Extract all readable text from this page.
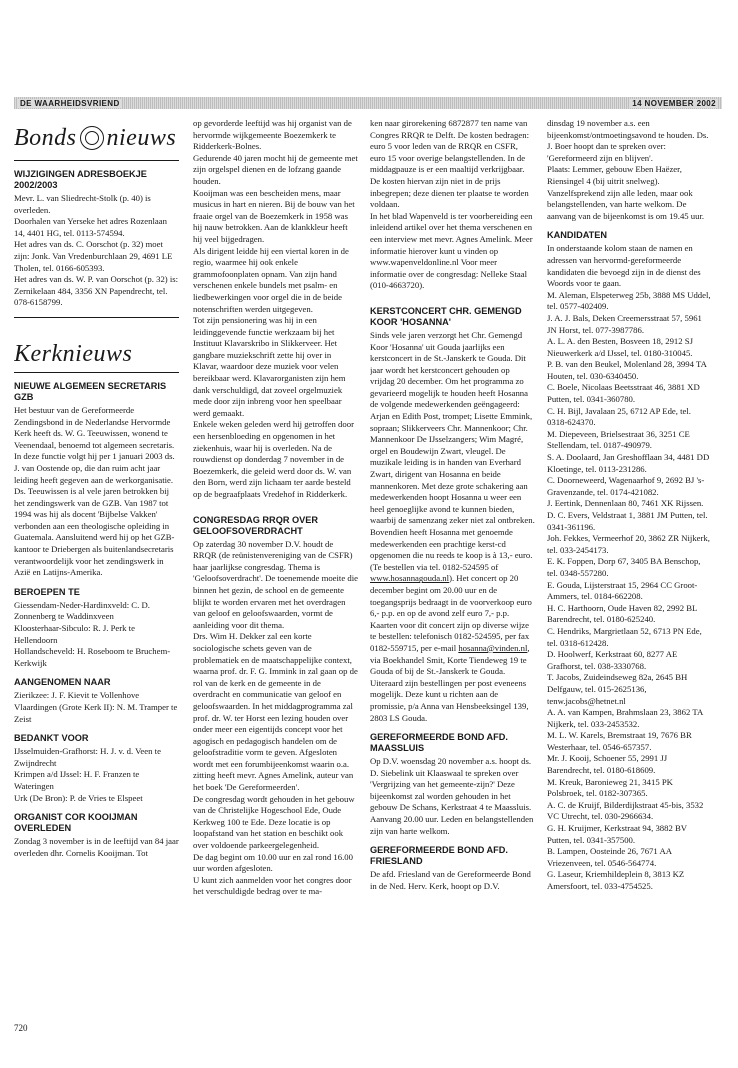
DE WAARHEIDSVRIEND	14 NOVEMBER 2002
Bonds nieuws
WIJZIGINGEN ADRESBOEKJE 2002/2003

Mevr. L. van Sliedrecht-Stolk (p. 40) is overleden.

Doorhalen van Yerseke het adres Rozenlaan 14, 4401 HG, tel. 0113-574594.

Het adres van ds. C. Oorschot (p. 32) moet zijn: Jonk. Van Vredenburchlaan 29, 4691 LE Tholen, tel. 0166-605393.

Het adres van ds. W. P. van Oorschot (p. 32) is: Zernikelaan 484, 3356 XN Papendrecht, tel. 078-6158799.

Kerknieuws
NIEUWE ALGEMEEN SECRETARIS GZB

Het bestuur van de Gereformeerde Zendingsbond in de Nederlandse Hervormde Kerk heeft ds. W. G. Teeuwissen, wonend te Veenendaal, benoemd tot algemeen secretaris. In deze functie volgt hij per 1 januari 2003 ds. J. van Oostende op, die dan ruim acht jaar leiding heeft gegeven aan de werkorganisatie. Ds. Teeuwissen is al vele jaren betrokken bij het zendingswerk van de GZB. Van 1987 tot 1994 was hij als docent 'Bijbelse Vakken' verbonden aan een theologische opleiding in Guatemala. Aansluitend werd hij op het GZB-kantoor te Driebergen als buitenlandsecretaris verantwoordelijk voor het zendingswerk in Azië en Latijns-Amerika.

BEROEPEN TE

Giessendam-Neder-Hardinxveld: C. D. Zonnenberg te Waddinxveen

Kloosterhaar-Sibculo: R. J. Perk te Hellendoorn

Hollandscheveld: H. Roseboom te Bruchem-Kerkwijk

AANGENOMEN NAAR

Zierikzee: J. F. Kievit te Vollenhove

Vlaardingen (Grote Kerk II): N. M. Tramper te Zeist

BEDANKT VOOR

IJsselmuiden-Grafhorst: H. J. v. d. Veen te Zwijndrecht

Krimpen a/d IJssel: H. F. Franzen te Wateringen

Urk (De Bron): P. de Vries te Elspeet

ORGANIST COR KOOIJMAN OVERLEDEN

Zondag 3 november is in de leeftijd van 84 jaar overleden dhr. Cornelis Kooijman. Tot

op gevorderde leeftijd was hij organist van de hervormde wijkgemeente Boezemkerk te Ridderkerk-Bolnes.

Gedurende 40 jaren mocht hij de gemeente met zijn orgelspel dienen en de lofzang gaande houden.

Kooijman was een bescheiden mens, maar musicus in hart en nieren. Bij de bouw van het fraaie orgel van de Boezemkerk in 1958 was hij nauw betrokken. Aan de klankkleur heeft hij veel bijgedragen.

Als dirigent leidde hij een viertal koren in de regio, waarmee hij ook enkele grammofoonplaten opnam. Van zijn hand verschenen enkele bundels met psalm- en liedbewerkingen voor orgel die in de beide notenschriften werden uitgegeven.

Tot zijn pensionering was hij in een leidinggevende functie werkzaam bij het Instituut Klavarskribo in Slikkerveer. Het gangbare muziekschrift zette hij over in Klavar, waardoor deze muziek voor velen bereikbaar werd. Klavarorganisten zijn hem dank verschuldigd, dat zoveel orgelmuziek mede door zijn inbreng voor hen speelbaar werd gemaakt.

Enkele weken geleden werd hij getroffen door een hersenbloeding en opgenomen in het ziekenhuis, waar hij is overleden. Na de rouwdienst op donderdag 7 november in de Boezemkerk, die geleid werd door ds. W. van den Born, werd zijn lichaam ter aarde besteld op de begraafplaats Vredehof in Ridderkerk.

CONGRESDAG RRQR OVER GELOOFSOVERDRACHT

Op zaterdag 30 november D.V. houdt de RRQR (de reünistenvereniging van de CSFR) haar jaarlijkse congresdag. Thema is 'Geloofsoverdracht'. De toenemende moeite die binnen het gezin, de school en de gemeente blijkt te worden ervaren met het overdragen van geloof en geloofswaarden, vormt de aanleiding voor dit thema.

Drs. Wim H. Dekker zal een korte sociologische schets geven van de problematiek en de maatschappelijke context, waarna prof. dr. F. G. Immink in zal gaan op de rol van de kerk en de gemeente in de overdracht en communicatie van geloof en geloofswaarden. In het middagprogramma zal prof. dr. W. ter Horst een lezing houden over onder meer een eigentijds concept voor het agogisch en pedagogisch handelen om de geloofstraditie vorm te geven. Afgesloten wordt met een forumbijeenkomst waarin o.a. zitting heeft mevr. Agnes Amelink, auteur van het boek 'De Gereformeerden'.

De congresdag wordt gehouden in het gebouw van de Christelijke Hogeschool Ede, Oude Kerkweg 100 te Ede. Deze locatie is op loopafstand van het station en beschikt ook over voldoende parkeergelegenheid.

De dag begint om 10.00 uur en zal rond 16.00 uur worden afgesloten.

U kunt zich aanmelden voor het congres door het verschuldigde bedrag over te ma-

ken naar girorekening 6872877 ten name van Congres RRQR te Delft. De kosten bedragen: euro 5 voor leden van de RRQR en CSFR, euro 15 voor overige belangstellenden. In de middagpauze is er een maaltijd verkrijgbaar. De kosten hiervan zijn niet in de prijs inbegrepen; deze dienen ter plaatse te worden voldaan.

In het blad Wapenveld is ter voorbereiding een inleidend artikel over het thema verschenen en een interview met mevr. Agnes Amelink. Meer informatie hierover kunt u vinden op www.wapenveldonline.nl Voor meer informatie over de congresdag: Nelleke Staal (010-4663720).

KERSTCONCERT CHR. GEMENGD KOOR 'HOSANNA'

Sinds vele jaren verzorgt het Chr. Gemengd Koor 'Hosanna' uit Gouda jaarlijks een kerstconcert in de St.-Janskerk te Gouda. Dit jaar wordt het kerstconcert gehouden op vrijdag 20 december. Om het programma zo gevarieerd mogelijk te houden heeft Hosanna de volgende medewerkenden geëngageerd: Arjan en Edith Post, trompet; Lisette Emmink, sopraan; Slikkerveers Chr. Mannenkoor; Chr. Mannenkoor De IJsselzangers; Wim Magré, orgel en Boudewijn Zwart, vleugel. De muzikale leiding is in handen van Everhard Zwart, dirigent van Hosanna en beide mannenkoren. Met deze grote schakering aan medewerkenden hoopt Hosanna u weer een heel genoeglijke avond te kunnen bieden, waarbij de samenzang zeker niet zal ontbreken. Bovendien heeft Hosanna met genoemde medewerkenden een prachtige kerst-cd opgenomen die nu reeds te koop is à 13,- euro. (Te bestellen via tel. 0182-524595 of www.hosannagouda.nl). Het concert op 20 december begint om 20.00 uur en de toegangsprijs bedraagt in de voorverkoop euro 6,- p.p. en op de avond zelf euro 7,- p.p. Kaarten voor dit concert zijn op diverse wijze te bestellen: telefonisch 0182-524595, per fax 0182-559715, per e-mail hosanna@vinden.nl, via Boekhandel Smit, Korte Tiendeweg 19 te Gouda of bij de St.-Janskerk te Gouda. Uiteraard zijn bestellingen per post eveneens mogelijk. Deze kunt u richten aan de promissie, p/a Anna van Hensbeeksingel 139, 2803 LS Gouda.

GEREFORMEERDE BOND AFD. MAASSLUIS

Op D.V. woensdag 20 november a.s. hoopt ds. D. Siebelink uit Klaaswaal te spreken over 'Vergrijzing van het gemeente-zijn?' Deze bijeenkomst zal worden gehouden in het gebouw De Schans, Kerkstraat 4 te Maassluis. Aanvang 20.00 uur. Leden en belangstellenden zijn van harte welkom.

GEREFORMEERDE BOND AFD. FRIESLAND

De afd. Friesland van de Gereformeerde Bond in de Ned. Herv. Kerk, hoopt op D.V.

dinsdag 19 november a.s. een bijeenkomst/ontmoetingsavond te houden. Ds. J. Boer hoopt dan te spreken over: 'Gereformeerd zijn en blijven'.

Plaats: Lemmer, gebouw Eben Haëzer, Riensingel 4 (bij uitrit snelweg). Vanzelfsprekend zijn alle leden, maar ook belangstellenden, van harte welkom. De aanvang van de bijeenkomst is om 19.45 uur.

KANDIDATEN

In onderstaande kolom staan de namen en adressen van hervormd-gereformeerde kandidaten die bevoegd zijn in de dienst des Woords voor te gaan.

M. Aleman, Elspeterweg 25b, 3888 MS Uddel, tel. 0577-402409.

J. A. J. Bals, Deken Creemersstraat 57, 5961 JN Horst, tel. 077-3987786.

A. L. A. den Besten, Bosveen 18, 2912 SJ Nieuwerkerk a/d IJssel, tel. 0180-310045.

P. B. van den Beukel, Molenland 28, 3994 TA Houten, tel. 030-6340450.

C. Boele, Nicolaas Beetsstraat 46, 3881 XD Putten, tel. 0341-360780.

C. H. Bijl, Javalaan 25, 6712 AP Ede, tel. 0318-624370.

M. Diepeveen, Brielsestraat 36, 3251 CE Stellendam, tel. 0187-490979.

S. A. Doolaard, Jan Greshofflaan 34, 4481 DD Kloetinge, tel. 0113-231286.

C. Doorneweerd, Wagenaarhof 9, 2692 BJ 's-Gravenzande, tel. 0174-421082.

J. Eertink, Dennenlaan 80, 7461 XK Rijssen.

D. C. Evers, Veldstraat 1, 3881 JM Putten, tel. 0341-361196.

Joh. Fekkes, Vermeerhof 20, 3862 ZR Nijkerk, tel. 033-2454173.

E. K. Foppen, Dorp 67, 3405 BA Benschop, tel. 0348-557280.

E. Gouda, Lijsterstraat 15, 2964 CC Groot-Ammers, tel. 0184-662208.

H. C. Harthoorn, Oude Haven 82, 2992 BL Barendrecht, tel. 0180-625240.

C. Hendriks, Margrietlaan 52, 6713 PN Ede, tel. 0318-612428.

D. Hoolwerf, Kerkstraat 60, 8277 AE Grafhorst, tel. 038-3330768.

T. Jacobs, Zuideindseweg 82a, 2645 BH Delfgauw, tel. 015-2625136, tenw.jacobs@hetnet.nl

A. A. van Kampen, Brahmslaan 23, 3862 TA Nijkerk, tel. 033-2453532.

M. L. W. Karels, Bremstraat 19, 7676 BR Westerhaar, tel. 0546-657357.

Mr. J. Kooij, Schoener 55, 2991 JJ Barendrecht, tel. 0180-618609.

M. Kreuk, Baronieweg 21, 3415 PK Polsbroek, tel. 0182-307365.

A. C. de Kruijf, Bilderdijkstraat 45-bis, 3532 VC Utrecht, tel. 030-2966634.

G. H. Kruijmer, Kerkstraat 94, 3882 BV Putten, tel. 0341-357500.

B. Lampen, Oosteinde 26, 7671 AA Vriezenveen, tel. 0546-564774.

G. Laseur, Kriemhildeplein 8, 3813 KZ Amersfoort, tel. 033-4754525.

720
